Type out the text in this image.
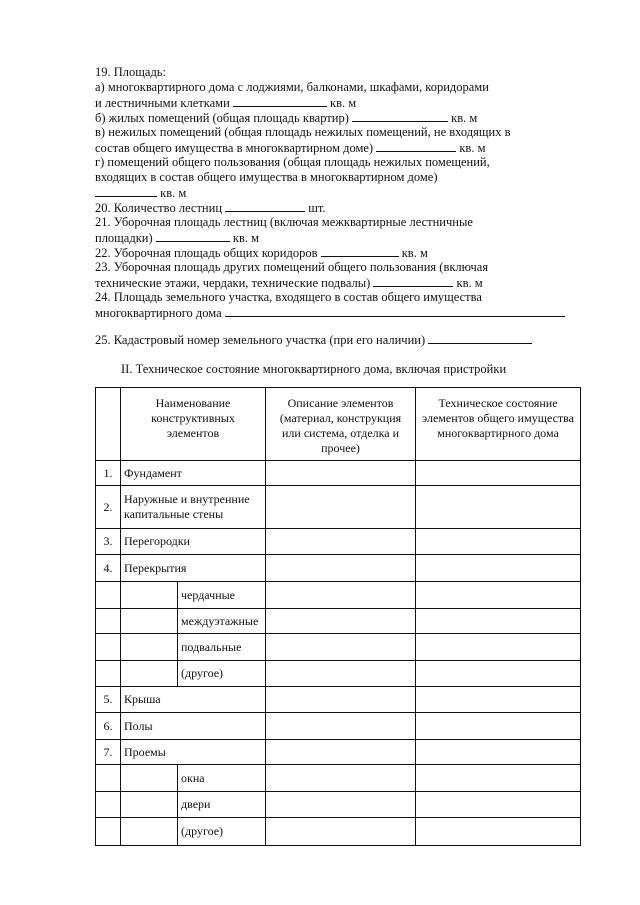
19. Площадь:
а) многоквартирного дома с лоджиями, балконами, шкафами, коридорами
и лестничными клетками	кв. м
б) жилых помещений (общая площадь квартир)	кв. м
в) нежилых помещений (общая площадь нежилых помещений, не входящих в
состав общего имущества в многоквартирном доме)	кв. м
г) помещений общего пользования (общая площадь нежилых помещений,
входящих в состав общего имущества в многоквартирном доме)
кв. м
20. Количество лестниц	шт.
21. Уборочная площадь лестниц (включая межквартирные лестничные
площадки)	кв. м
22. Уборочная площадь общих коридоров	кв. м
23. Уборочная площадь других помещений общего пользования (включая
технические этажи, чердаки, технические подвалы)	кв. м
24. Площадь земельного участка, входящего в состав общего имущества
многоквартирного дома
25. Кадастровый номер земельного участка (при его наличии)
II. Техническое состояние многоквартирного дома, включая пристройки
	Наименование конструктивных элементов		Описание элементов (материал, конструкция или система, отделка и прочее)	Техническое состояние элементов общего имущества многоквартирного дома
1.	Фундамент			
2.	Наружные и внутренние капитальные стены			
3.	Перегородки			
4.	Перекрытия			
		чердачные		
		междуэтажные		
		подвальные		
		(другое)		
5.	Крыша			
6.	Полы			
7.	Проемы			
		окна		
		двери		
		(другое)		
